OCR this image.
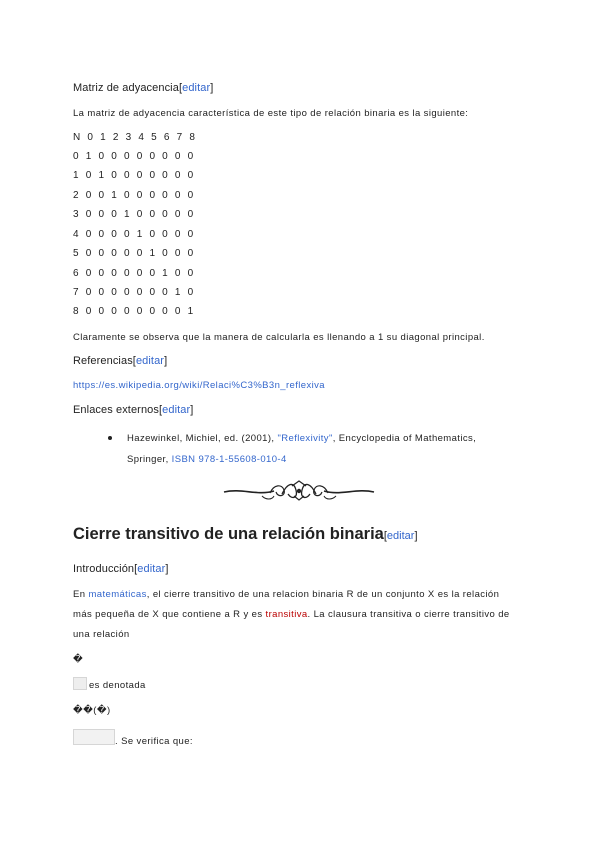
Matriz de adyacencia[editar]
La matriz de adyacencia característica de este tipo de relación binaria es la siguiente:
N 0 1 2 3 4 5 6 7 8
0 1 0 0 0 0 0 0 0 0
1 0 1 0 0 0 0 0 0 0
2 0 0 1 0 0 0 0 0 0
3 0 0 0 1 0 0 0 0 0
4 0 0 0 0 1 0 0 0 0
5 0 0 0 0 0 1 0 0 0
6 0 0 0 0 0 0 1 0 0
7 0 0 0 0 0 0 0 1 0
8 0 0 0 0 0 0 0 0 1
Claramente se observa que la manera de calcularla es llenando a 1 su diagonal principal.
Referencias[editar]
https://es.wikipedia.org/wiki/Relaci%C3%B3n_reflexiva
Enlaces externos[editar]
Hazewinkel, Michiel, ed. (2001), "Reflexivity", Encyclopedia of Mathematics,
Springer, ISBN 978-1-55608-010-4
Cierre transitivo de una relación binaria[editar]
Introducción[editar]
En matemáticas, el cierre transitivo de una relacion binaria R de un conjunto X es la relación
más pequeña de X que contiene a R y es transitiva. La clausura transitiva o cierre transitivo de
una relación
�
es denotada
��(�)
. Se verifica que:
